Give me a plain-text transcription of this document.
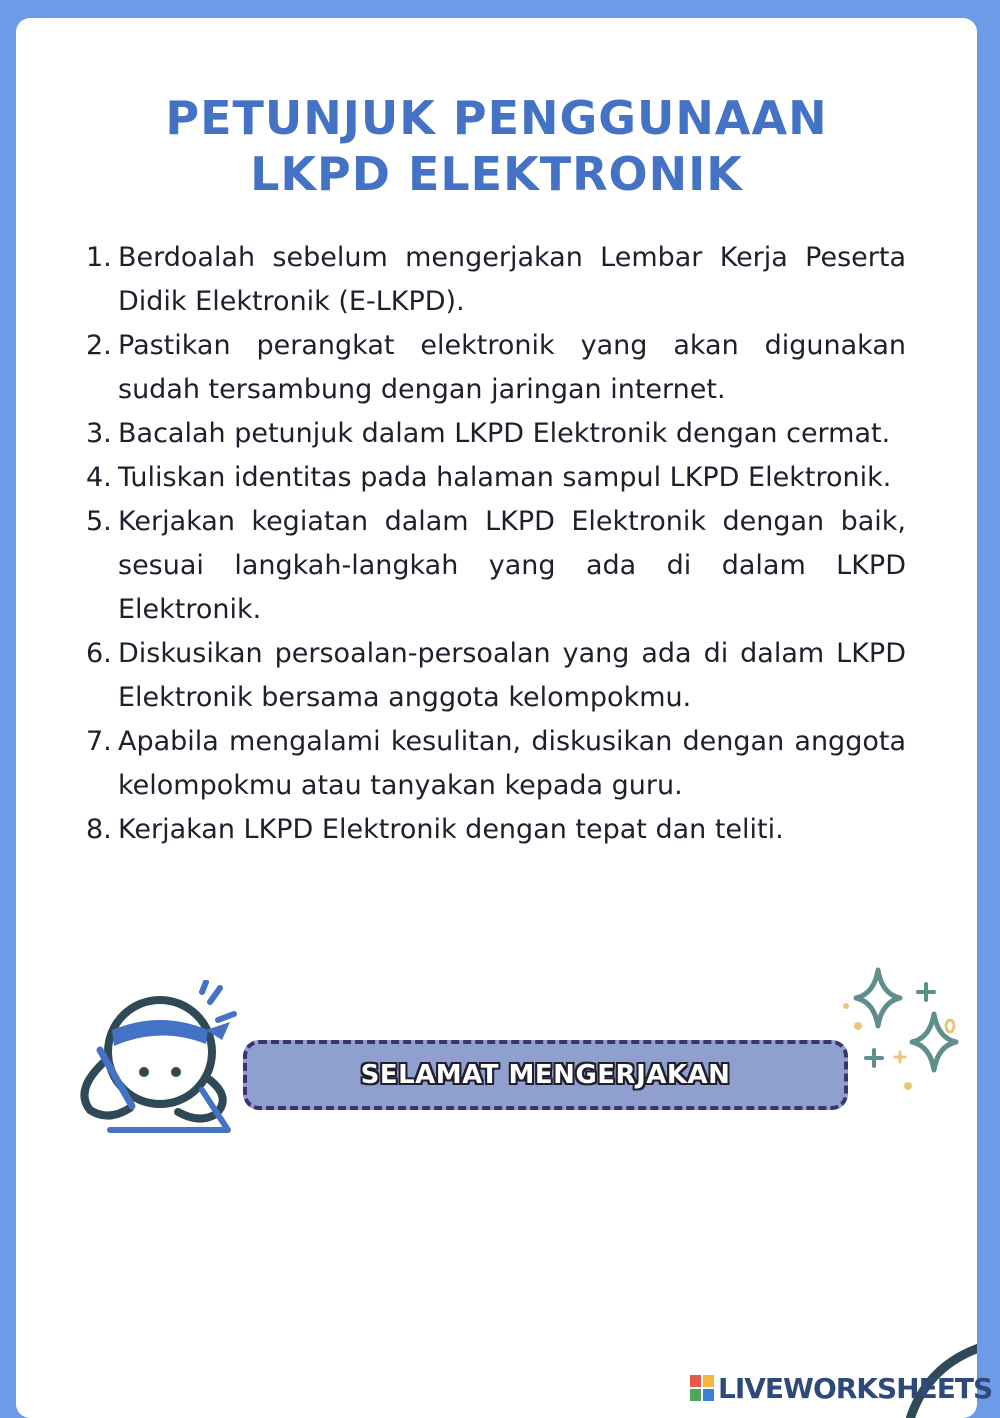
PETUNJUK PENGGUNAAN
LKPD ELEKTRONIK
1. Berdoalah sebelum mengerjakan Lembar Kerja Peserta Didik Elektronik (E-LKPD).
2. Pastikan perangkat elektronik yang akan digunakan sudah tersambung dengan jaringan internet.
3. Bacalah petunjuk dalam LKPD Elektronik dengan cermat.
4. Tuliskan identitas pada halaman sampul LKPD Elektronik.
5. Kerjakan kegiatan dalam LKPD Elektronik dengan baik, sesuai langkah-langkah yang ada di dalam LKPD Elektronik.
6. Diskusikan persoalan-persoalan yang ada di dalam LKPD Elektronik bersama anggota kelompokmu.
7. Apabila mengalami kesulitan, diskusikan dengan anggota kelompokmu atau tanyakan kepada guru.
8. Kerjakan LKPD Elektronik dengan tepat dan teliti.
SELAMAT MENGERJAKAN
LIVEWORKSHEETS
